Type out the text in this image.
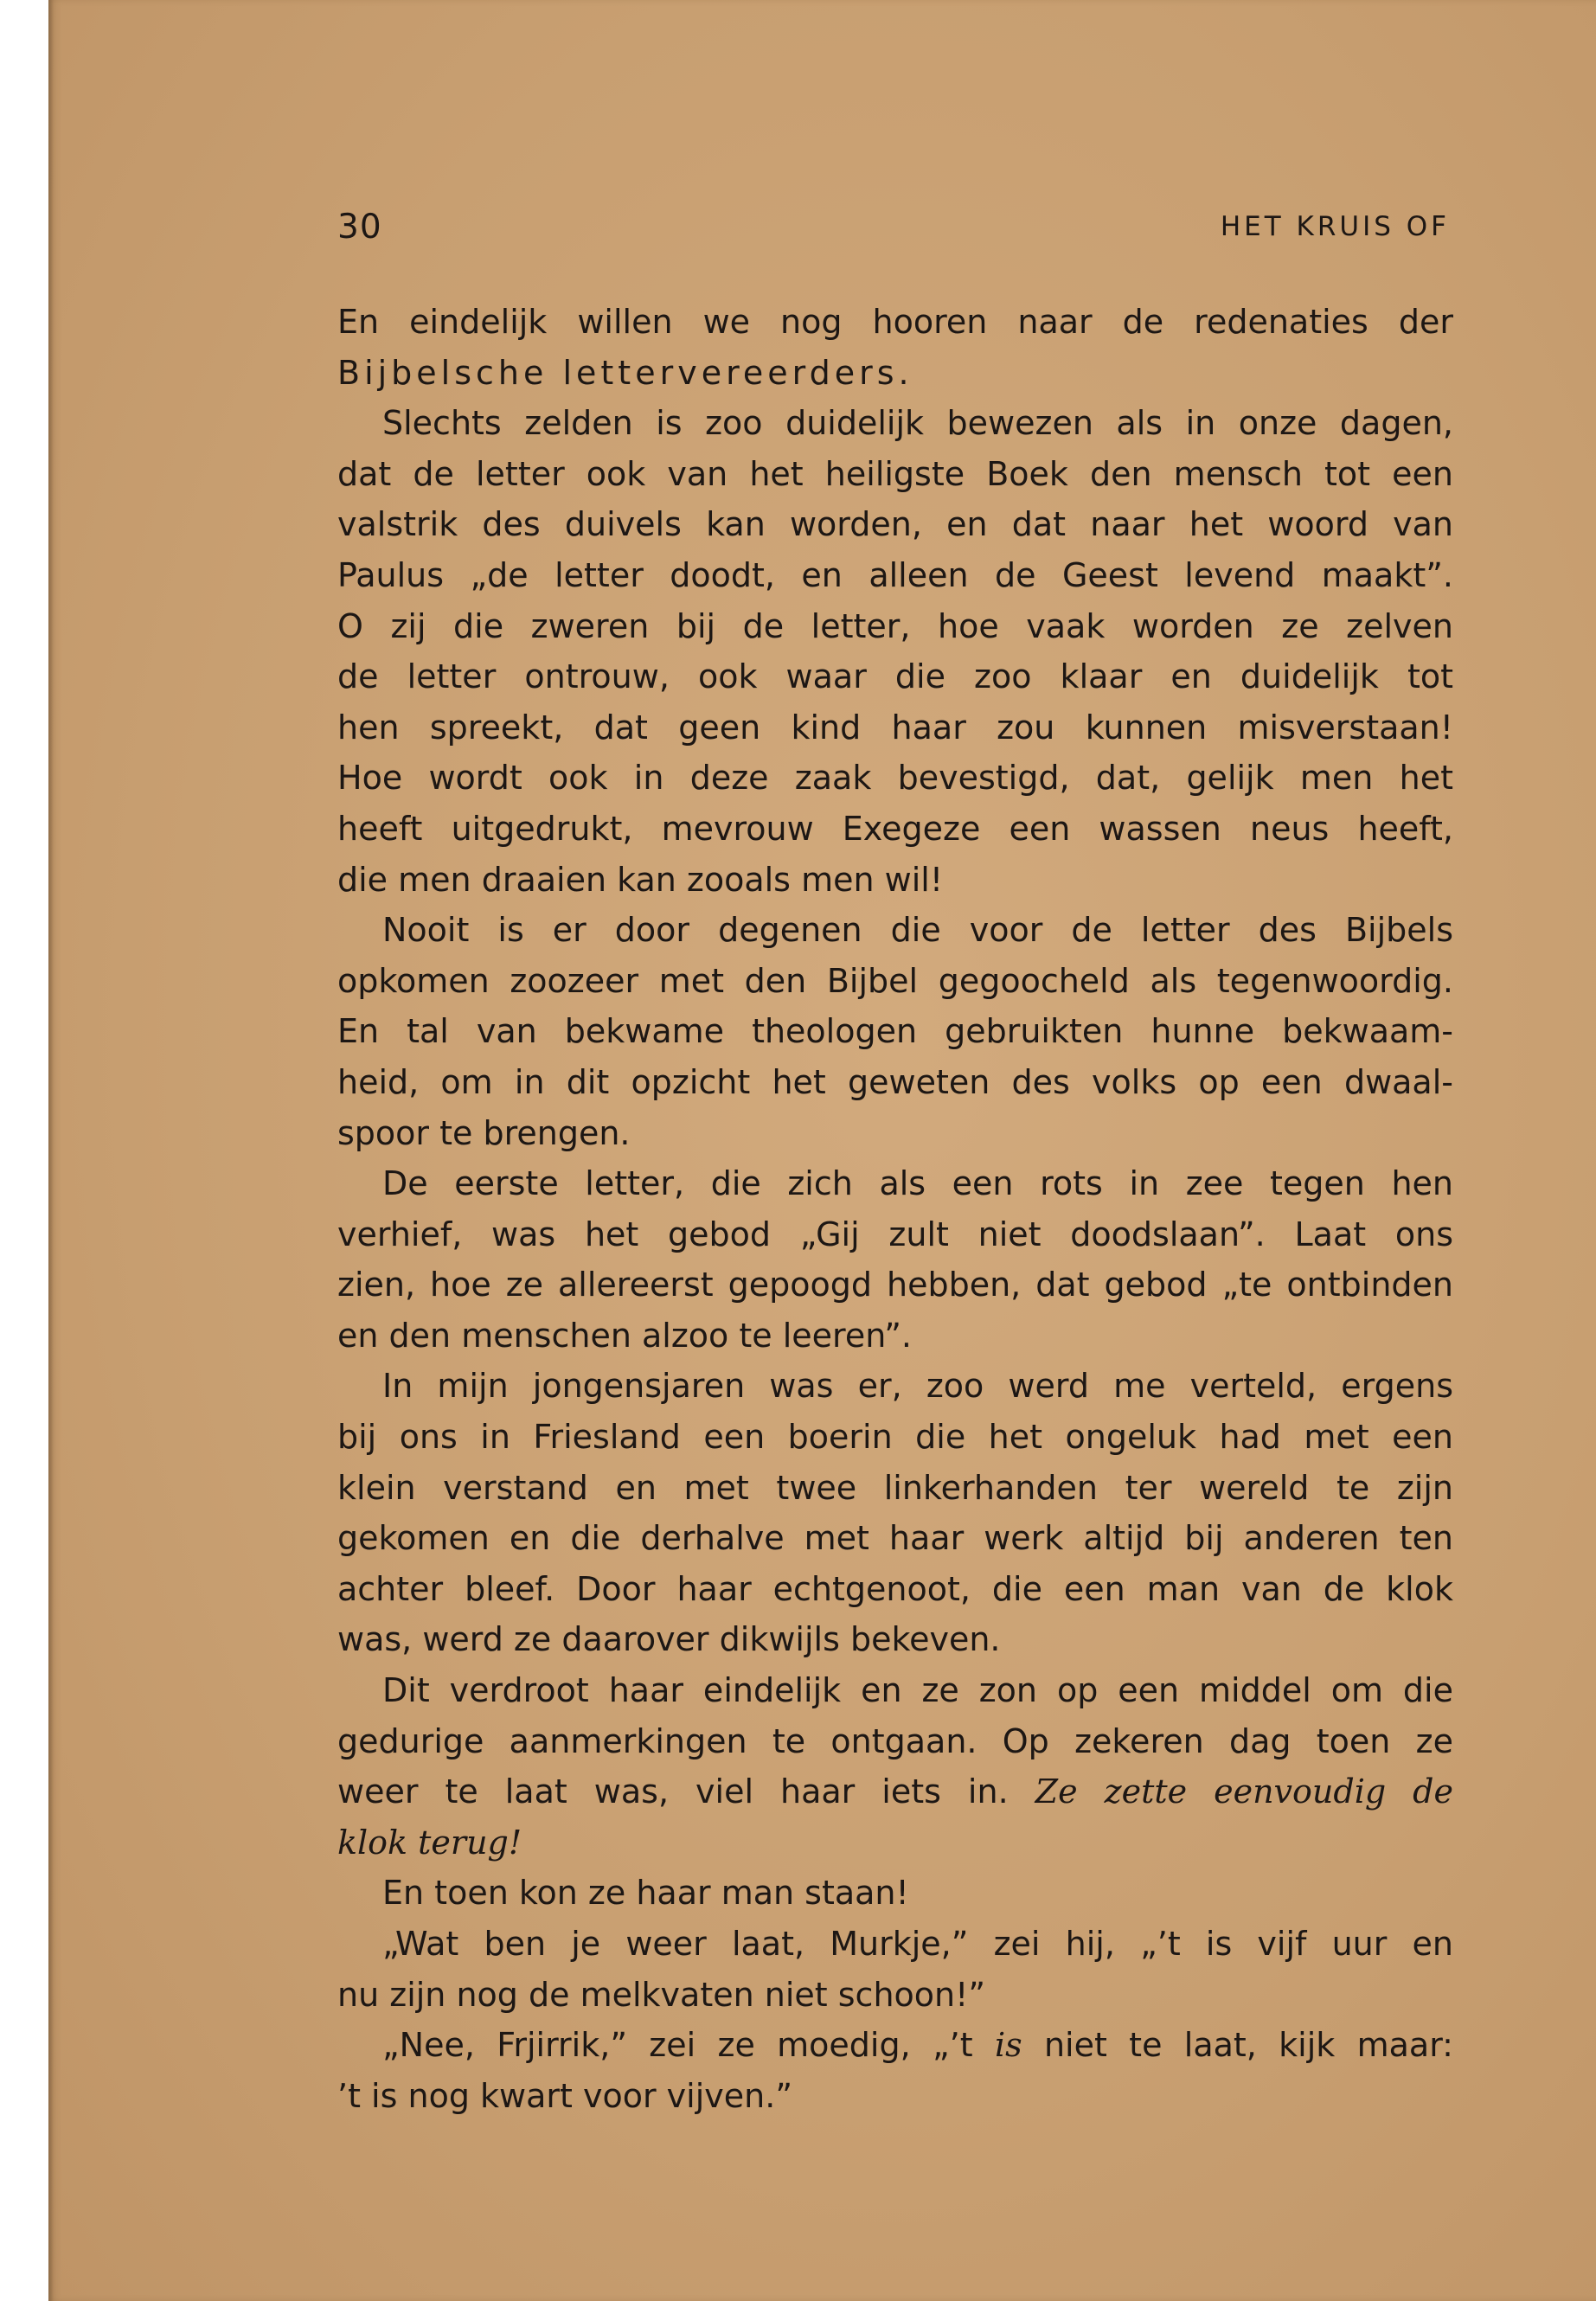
30	HET KRUIS OF
En eindelijk willen we nog hooren naar de redenaties der
Bijbelsche lettervereerders.
Slechts zelden is zoo duidelijk bewezen als in onze dagen,
dat de letter ook van het heiligste Boek den mensch tot een
valstrik des duivels kan worden, en dat naar het woord van
Paulus „de letter doodt, en alleen de Geest levend maakt”.
O zij die zweren bij de letter, hoe vaak worden ze zelven
de letter ontrouw, ook waar die zoo klaar en duidelijk tot
hen spreekt, dat geen kind haar zou kunnen misverstaan!
Hoe wordt ook in deze zaak bevestigd, dat, gelijk men het
heeft uitgedrukt, mevrouw Exegeze een wassen neus heeft,
die men draaien kan zooals men wil!
Nooit is er door degenen die voor de letter des Bijbels
opkomen zoozeer met den Bijbel gegoocheld als tegenwoordig.
En tal van bekwame theologen gebruikten hunne bekwaam-
heid, om in dit opzicht het geweten des volks op een dwaal-
spoor te brengen.
De eerste letter, die zich als een rots in zee tegen hen
verhief, was het gebod „Gij zult niet doodslaan”. Laat ons
zien, hoe ze allereerst gepoogd hebben, dat gebod „te ontbinden
en den menschen alzoo te leeren”.
In mijn jongensjaren was er, zoo werd me verteld, ergens
bij ons in Friesland een boerin die het ongeluk had met een
klein verstand en met twee linkerhanden ter wereld te zijn
gekomen en die derhalve met haar werk altijd bij anderen ten
achter bleef. Door haar echtgenoot, die een man van de klok
was, werd ze daarover dikwijls bekeven.
Dit verdroot haar eindelijk en ze zon op een middel om die
gedurige aanmerkingen te ontgaan. Op zekeren dag toen ze
weer te laat was, viel haar iets in. Ze zette eenvoudig de
klok terug!
En toen kon ze haar man staan!
„Wat ben je weer laat, Murkje,” zei hij, „’t is vijf uur en
nu zijn nog de melkvaten niet schoon!”
„Nee, Frjirrik,” zei ze moedig, „’t is niet te laat, kijk maar:
’t is nog kwart voor vijven.”
